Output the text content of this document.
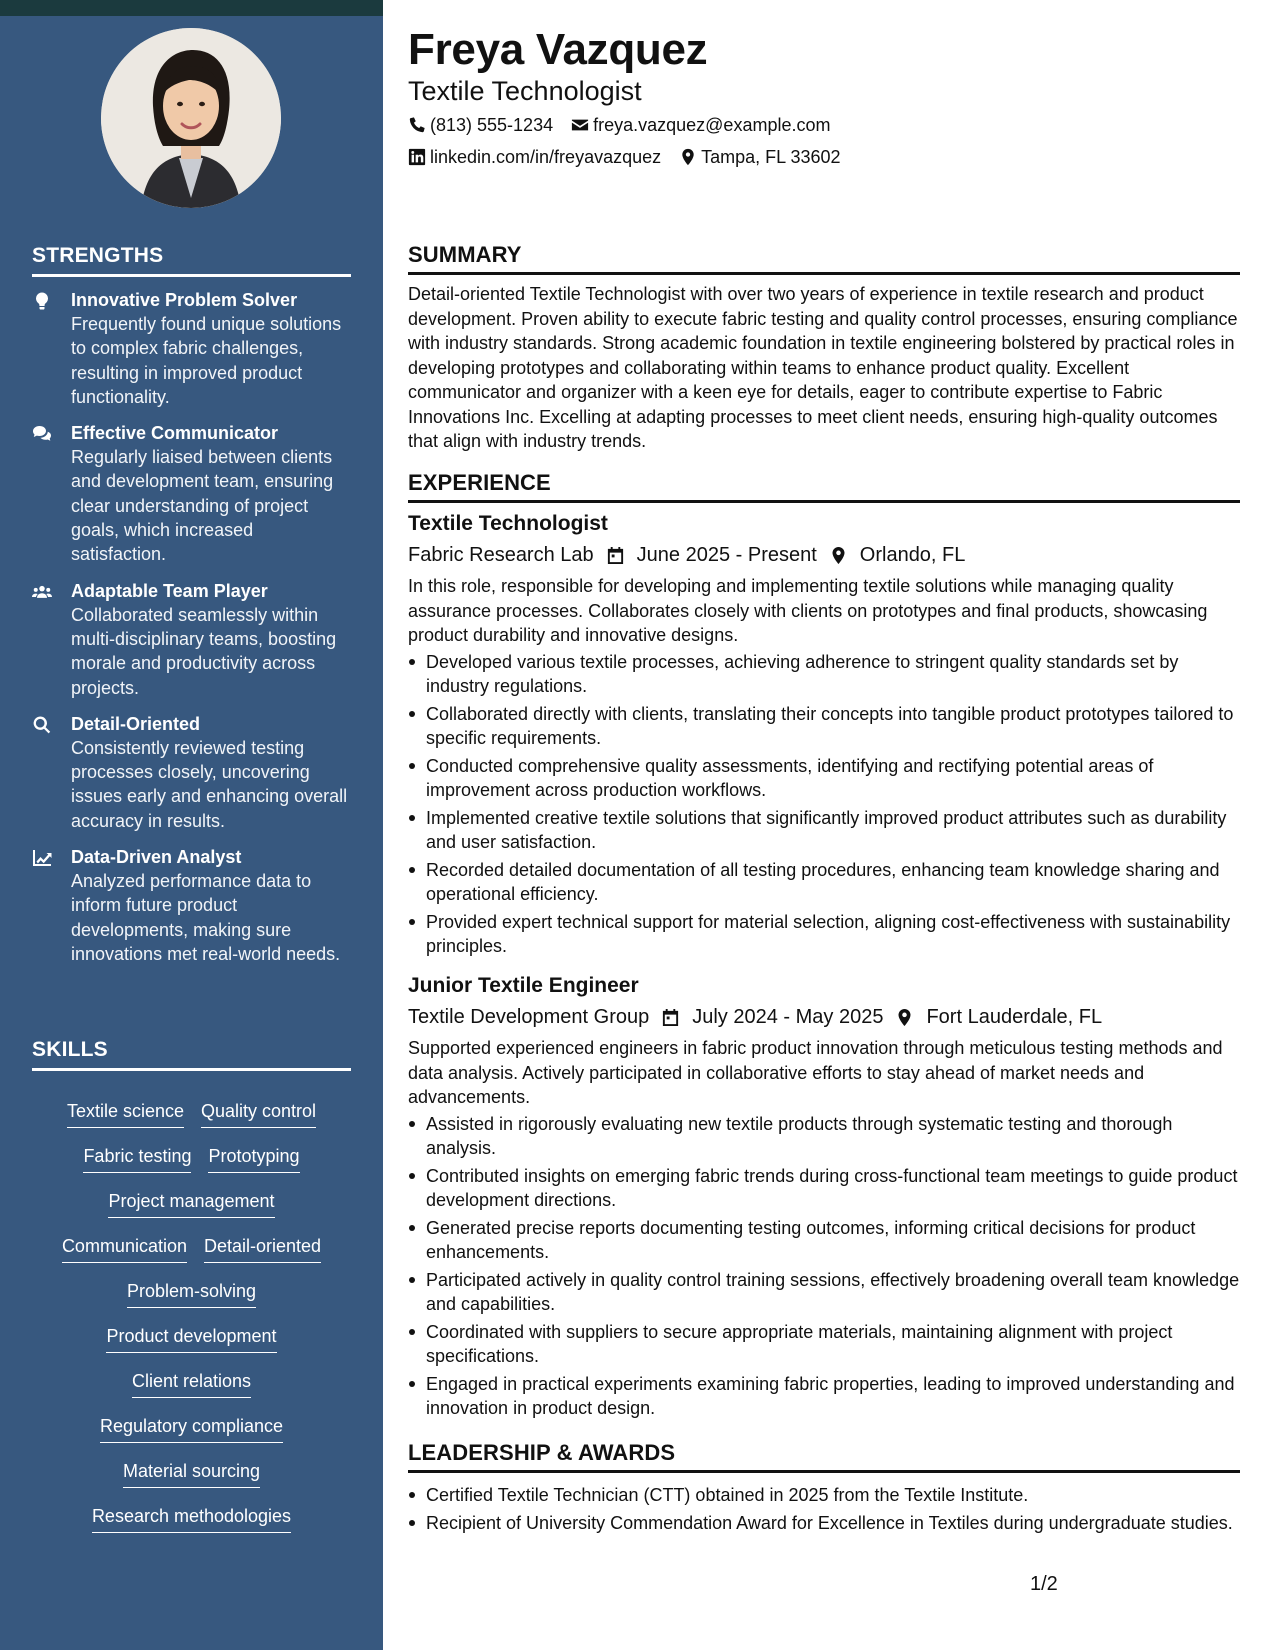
STRENGTHS
Innovative Problem Solver
Frequently found unique solutions to complex fabric challenges, resulting in improved product functionality.
Effective Communicator
Regularly liaised between clients and development team, ensuring clear understanding of project goals, which increased satisfaction.
Adaptable Team Player
Collaborated seamlessly within multi-disciplinary teams, boosting morale and productivity across projects.
Detail-Oriented
Consistently reviewed testing processes closely, uncovering issues early and enhancing overall accuracy in results.
Data-Driven Analyst
Analyzed performance data to inform future product developments, making sure innovations met real-world needs.
SKILLS
Textile science Quality control
Fabric testing Prototyping
Project management
Communication Detail-oriented
Problem-solving
Product development
Client relations
Regulatory compliance
Material sourcing
Research methodologies
Freya Vazquez
Textile Technologist
(813) 555-1234 freya.vazquez@example.com
linkedin.com/in/freyavazquez Tampa, FL 33602
SUMMARY

Detail-oriented Textile Technologist with over two years of experience in textile research and product development. Proven ability to execute fabric testing and quality control processes, ensuring compliance with industry standards. Strong academic foundation in textile engineering bolstered by practical roles in developing prototypes and collaborating within teams to enhance product quality. Excellent communicator and organizer with a keen eye for details, eager to contribute expertise to Fabric Innovations Inc. Excelling at adapting processes to meet client needs, ensuring high-quality outcomes that align with industry trends.

EXPERIENCE
Textile Technologist
Fabric Research Lab June 2025 - Present Orlando, FL

In this role, responsible for developing and implementing textile solutions while managing quality assurance processes. Collaborates closely with clients on prototypes and final products, showcasing product durability and innovative designs.

Developed various textile processes, achieving adherence to stringent quality standards set by industry regulations.
Collaborated directly with clients, translating their concepts into tangible product prototypes tailored to specific requirements.
Conducted comprehensive quality assessments, identifying and rectifying potential areas of improvement across production workflows.
Implemented creative textile solutions that significantly improved product attributes such as durability and user satisfaction.
Recorded detailed documentation of all testing procedures, enhancing team knowledge sharing and operational efficiency.
Provided expert technical support for material selection, aligning cost-effectiveness with sustainability principles.
Junior Textile Engineer
Textile Development Group July 2024 - May 2025 Fort Lauderdale, FL

Supported experienced engineers in fabric product innovation through meticulous testing methods and data analysis. Actively participated in collaborative efforts to stay ahead of market needs and advancements.

Assisted in rigorously evaluating new textile products through systematic testing and thorough analysis.
Contributed insights on emerging fabric trends during cross-functional team meetings to guide product development directions.
Generated precise reports documenting testing outcomes, informing critical decisions for product enhancements.
Participated actively in quality control training sessions, effectively broadening overall team knowledge and capabilities.
Coordinated with suppliers to secure appropriate materials, maintaining alignment with project specifications.
Engaged in practical experiments examining fabric properties, leading to improved understanding and innovation in product design.
LEADERSHIP & AWARDS
Certified Textile Technician (CTT) obtained in 2025 from the Textile Institute.
Recipient of University Commendation Award for Excellence in Textiles during undergraduate studies.
1/2
